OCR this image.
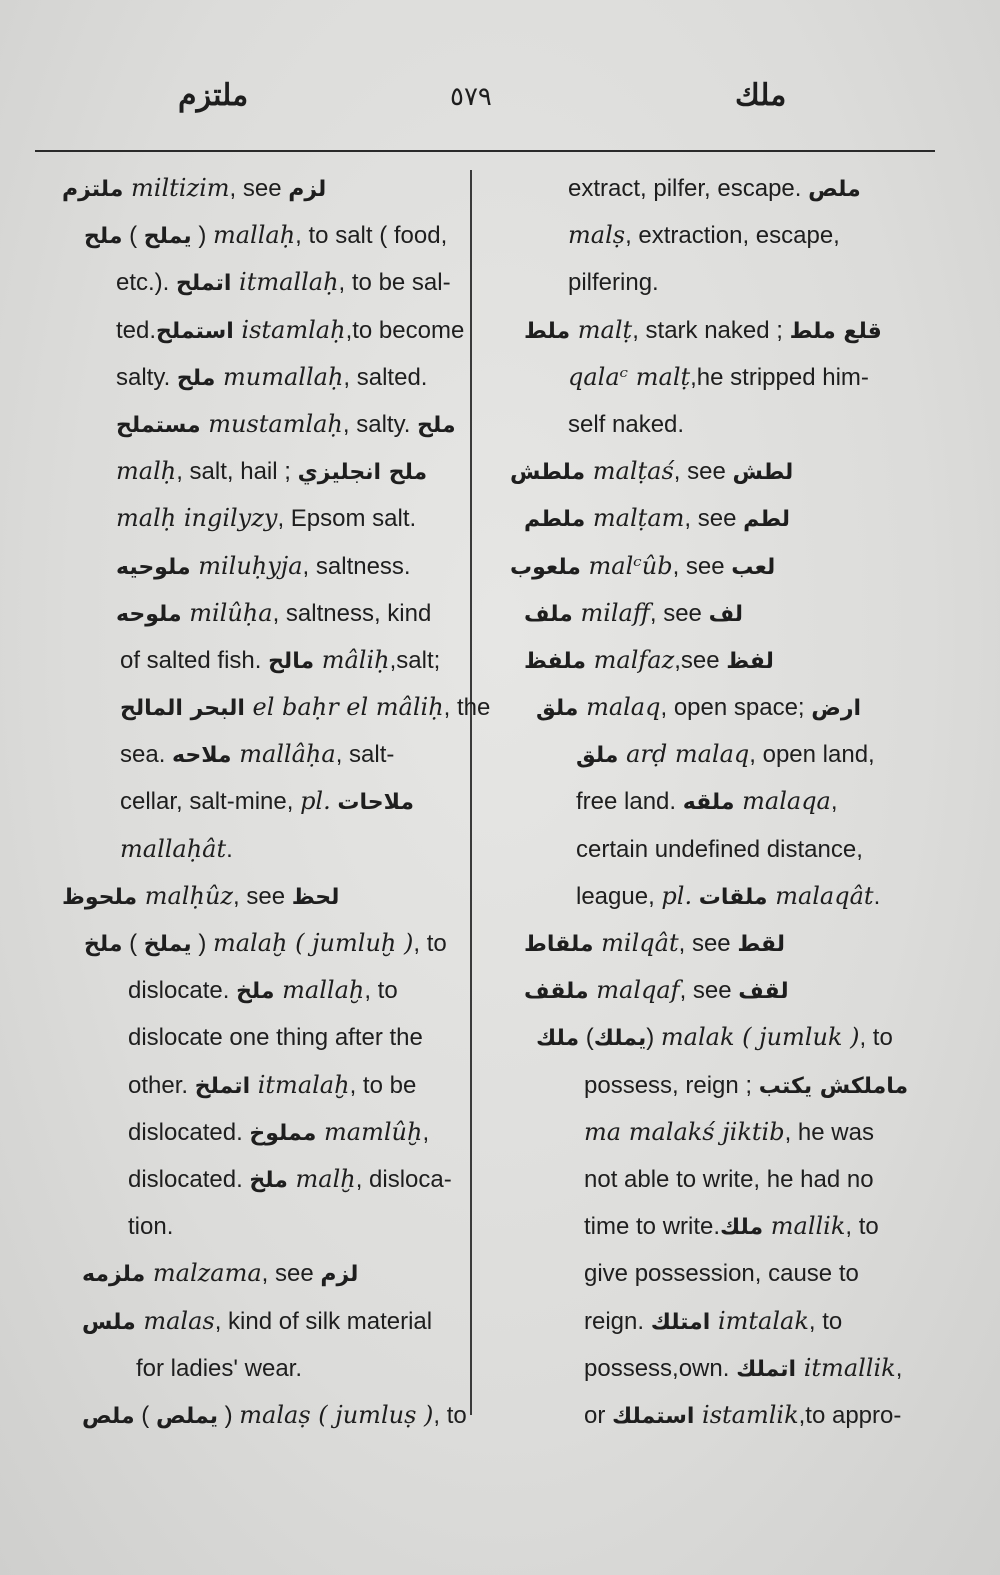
ملتزم	٥٧٩	ملك
ملتزم miltizim, see لزم
ملح ( يملح ) mallaḥ, to salt ( food,
etc.). اتملح itmallaḥ, to be sal-
ted.استملح istamlaḥ,to become
salty. ملح mumallaḥ, salted.
مستملح mustamlaḥ, salty. ملح
malḥ, salt, hail ; ملح انجليزي
malḥ ingilyzy, Epsom salt.
ملوحيه miluḥyja, saltness.
ملوحه milûḥa, saltness, kind
of salted fish. مالح mâliḥ,salt;
البحر المالح el baḥr el mâliḥ, the
sea. ملاحه mallâḥa, salt-
cellar, salt-mine, pl. ملاحات
mallaḥât.
ملحوظ malḥûz, see لحظ
ملخ ( يملخ ) malaḫ ( jumluḫ ), to
dislocate. ملخ mallaḫ, to
dislocate one thing after the
other. اتملخ itmalaḫ, to be
dislocated. مملوخ mamlûḫ,
dislocated. ملخ malḫ, disloca-
tion.
ملزمه malzama, see لزم
ملس malas, kind of silk material
for ladies' wear.
ملص ( يملص ) malaṣ ( jumluṣ ), to
extract, pilfer, escape. ملص
malṣ, extraction, escape,
pilfering.
ملط malṭ, stark naked ; قلع ملط
qalaᶜ malṭ,he stripped him-
self naked.
ملطش malṭaś, see لطش
ملطم malṭam, see لطم
ملعوب malᶜûb, see لعب
ملف milaff, see لف
ملفظ malfaz,see لفظ
ملق malaq, open space; ارض
ملق arḍ malaq, open land,
free land. ملقه malaqa,
certain undefined distance,
league, pl. ملقات malaqât.
ملقاط milqât, see لقط
ملقف malqaf, see لقف
ملك (يملك) malak ( jumluk ), to
possess, reign ; ماملكش يكتب
ma malakś jiktib, he was
not able to write, he had no
time to write.ملك mallik, to
give possession, cause to
reign. امتلك imtalak, to
possess,own. اتملك itmallik,
or استملك istamlik,to appro-
